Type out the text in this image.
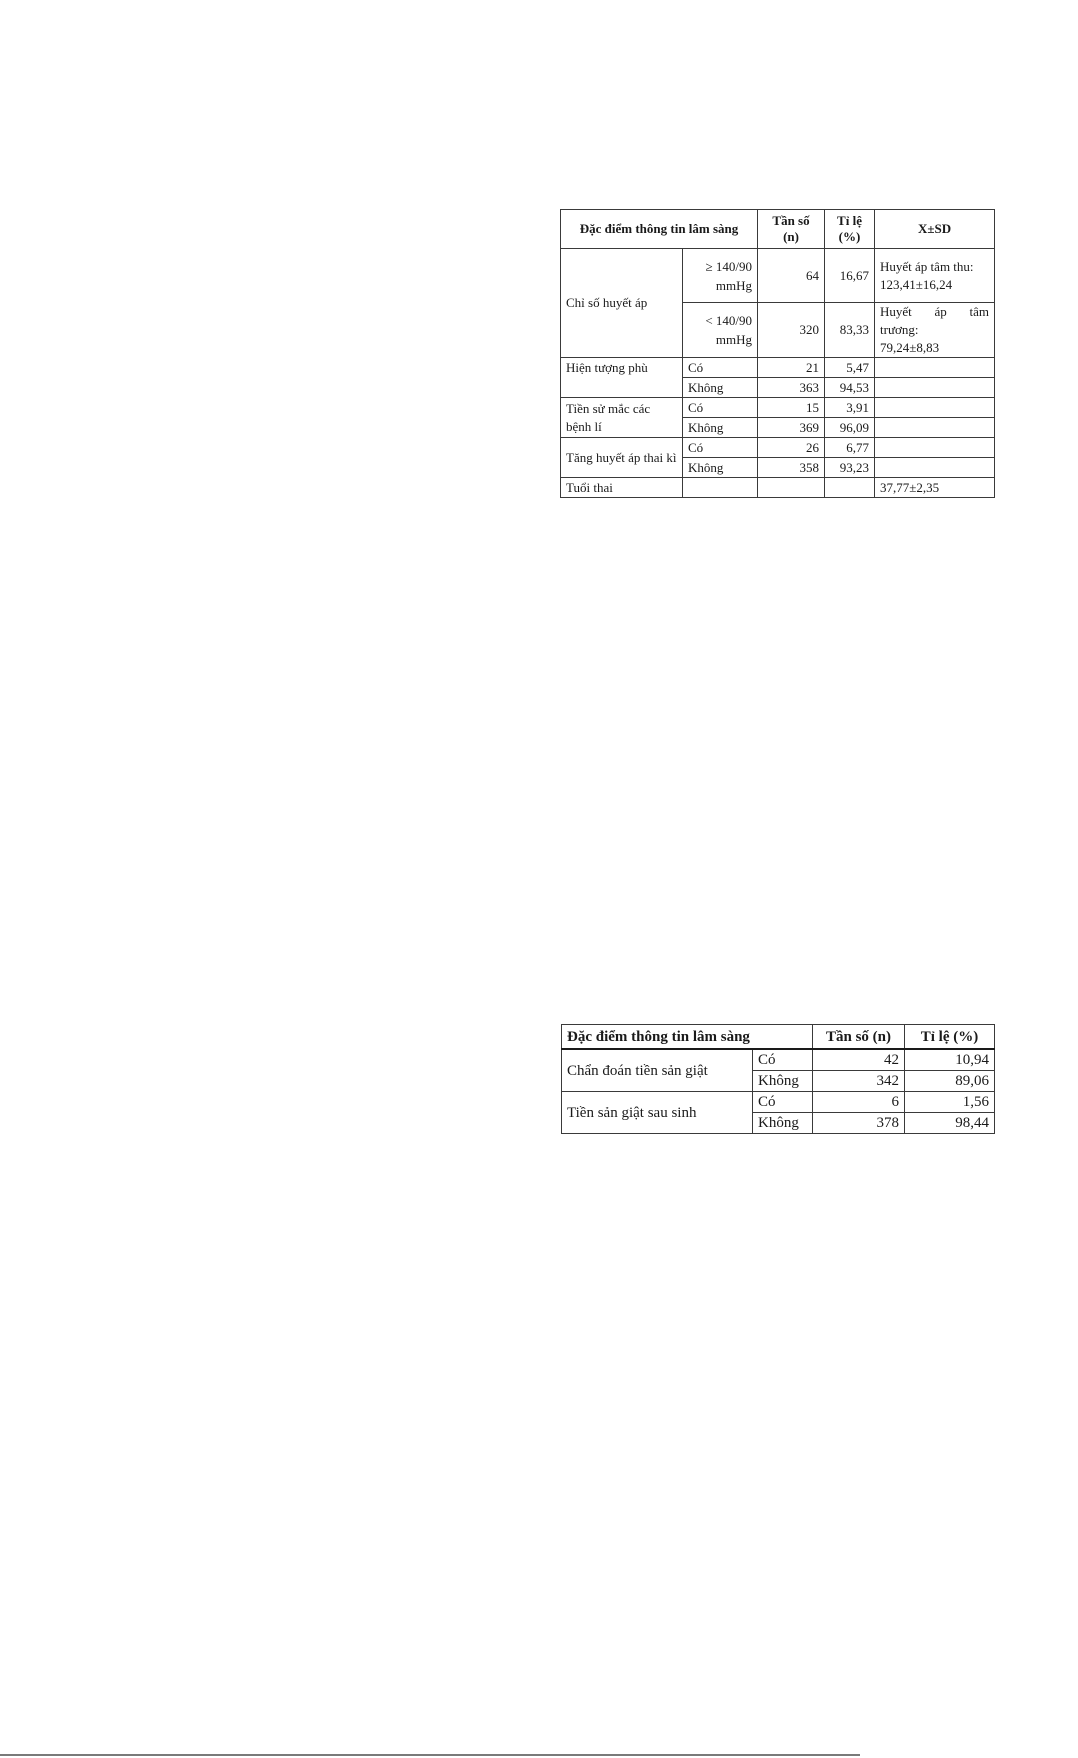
Đặc điểm thông tin lâm sàng		Tần số (n)	Tỉ lệ (%)	X±SD
Chỉ số huyết áp	≥ 140/90 mmHg	64	16,67	Huyết áp tâm thu:
123,41±16,24
	< 140/90 mmHg	320	83,33	Huyết áp tâm trương:
79,24±8,83
Hiện tượng phù	Có	21	5,47	
	Không	363	94,53	
Tiền sử mắc các bệnh lí	Có	15	3,91	
	Không	369	96,09	
Tăng huyết áp thai kì	Có	26	6,77	
	Không	358	93,23	
Tuổi thai				37,77±2,35
Đặc điểm thông tin lâm sàng		Tần số (n)	Tỉ lệ (%)
Chẩn đoán tiền sản giật	Có	42	10,94
	Không	342	89,06
Tiền sản giật sau sinh	Có	6	1,56
	Không	378	98,44
